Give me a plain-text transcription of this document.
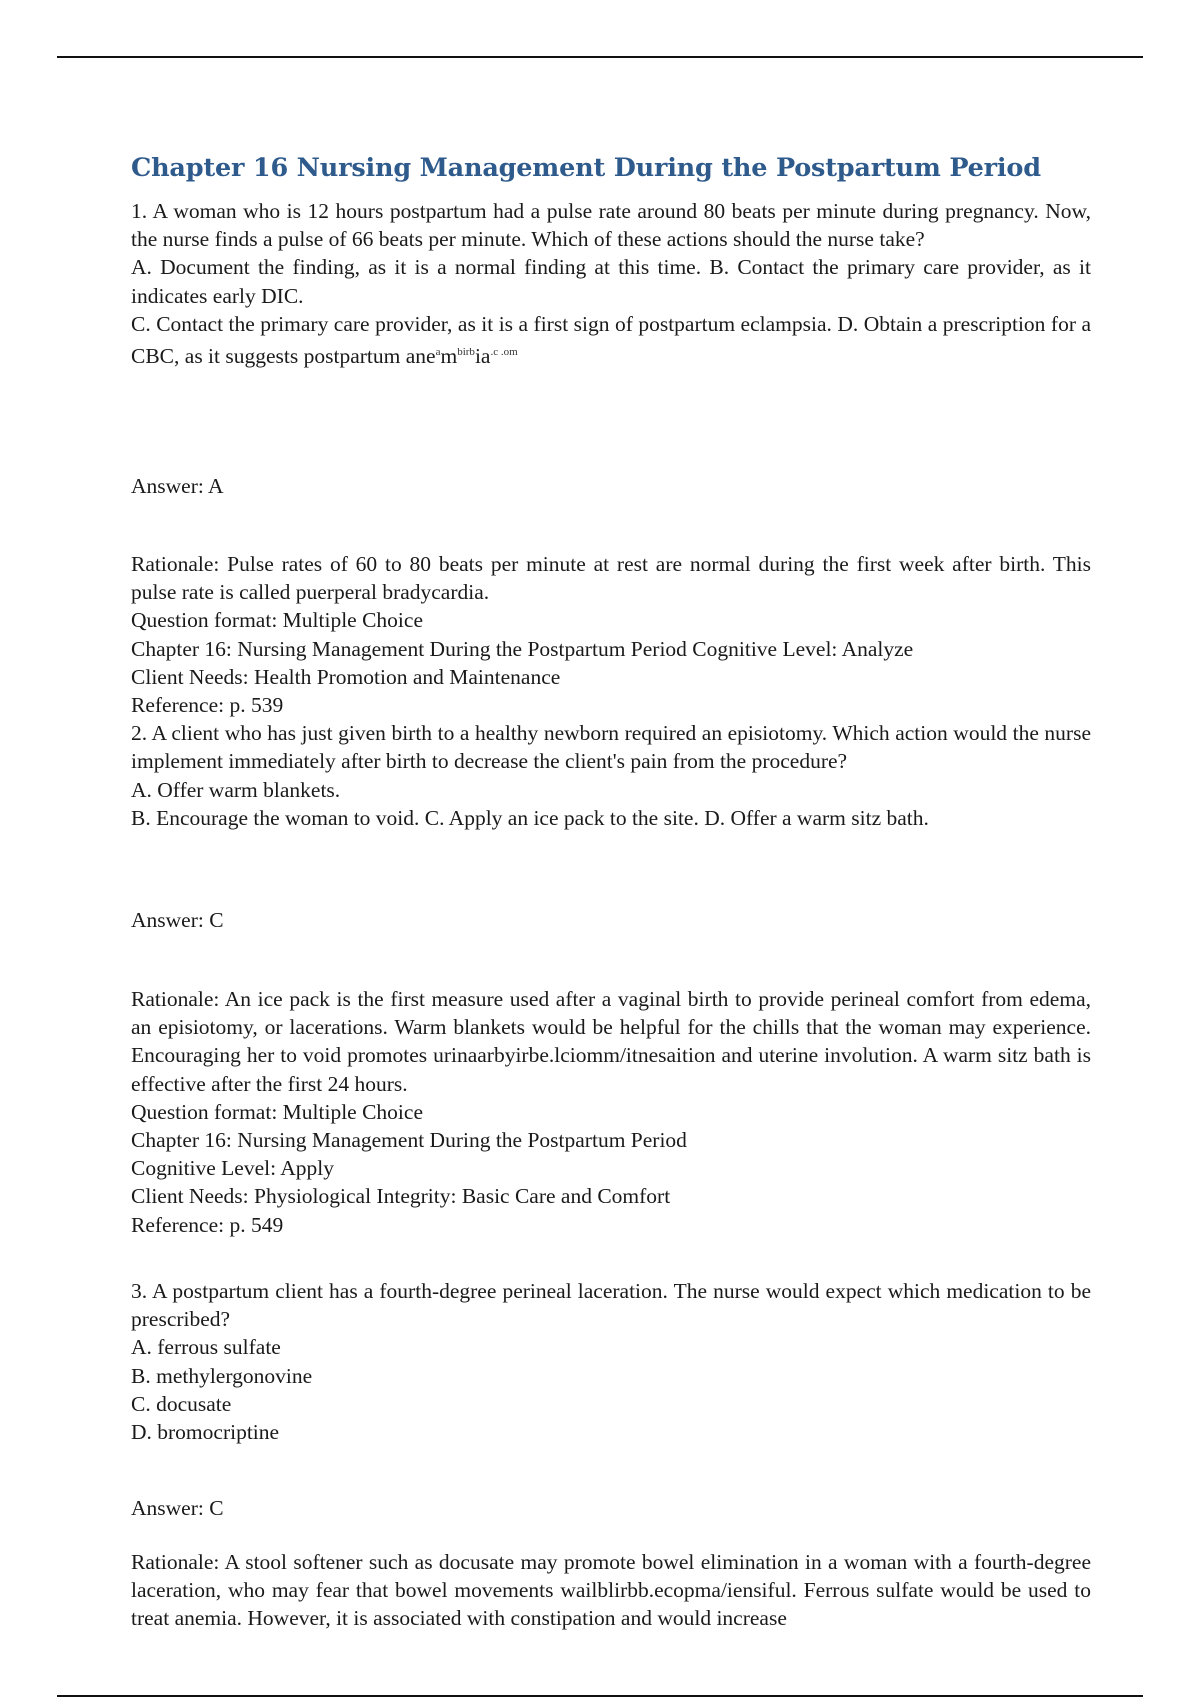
Chapter 16 Nursing Management During the Postpartum Period

1. A woman who is 12 hours postpartum had a pulse rate around 80 beats per minute during pregnancy. Now, the nurse finds a pulse of 66 beats per minute. Which of these actions should the nurse take?

A. Document the finding, as it is a normal finding at this time. B. Contact the primary care provider, as it indicates early DIC.

C. Contact the primary care provider, as it is a first sign of postpartum eclampsia. D. Obtain a prescription for a CBC, as it suggests postpartum $ane^am^{birb}ia^{.c .om}$

Answer: A

Rationale: Pulse rates of 60 to 80 beats per minute at rest are normal during the first week after birth. This pulse rate is called puerperal bradycardia.

Question format: Multiple Choice

Chapter 16: Nursing Management During the Postpartum Period Cognitive Level: Analyze

Client Needs: Health Promotion and Maintenance

Reference: p. 539

2. A client who has just given birth to a healthy newborn required an episiotomy. Which action would the nurse implement immediately after birth to decrease the client's pain from the procedure?

A. Offer warm blankets.

B. Encourage the woman to void. C. Apply an ice pack to the site. D. Offer a warm sitz bath.

Answer: C

Rationale: An ice pack is the first measure used after a vaginal birth to provide perineal comfort from edema, an episiotomy, or lacerations. Warm blankets would be helpful for the chills that the woman may experience. Encouraging her to void promotes urinaarbyirbe.lciomm/itnesaition and uterine involution. A warm sitz bath is effective after the first 24 hours.

Question format: Multiple Choice

Chapter 16: Nursing Management During the Postpartum Period

Cognitive Level: Apply

Client Needs: Physiological Integrity: Basic Care and Comfort

Reference: p. 549

3. A postpartum client has a fourth-degree perineal laceration. The nurse would expect which medication to be prescribed?

A. ferrous sulfate

B. methylergonovine

C. docusate

D. bromocriptine

Answer: C

Rationale: A stool softener such as docusate may promote bowel elimination in a woman with a fourth-degree laceration, who may fear that bowel movements wailblirbb.ecopma/iensiful. Ferrous sulfate would be used to treat anemia. However, it is associated with constipation and would increase
